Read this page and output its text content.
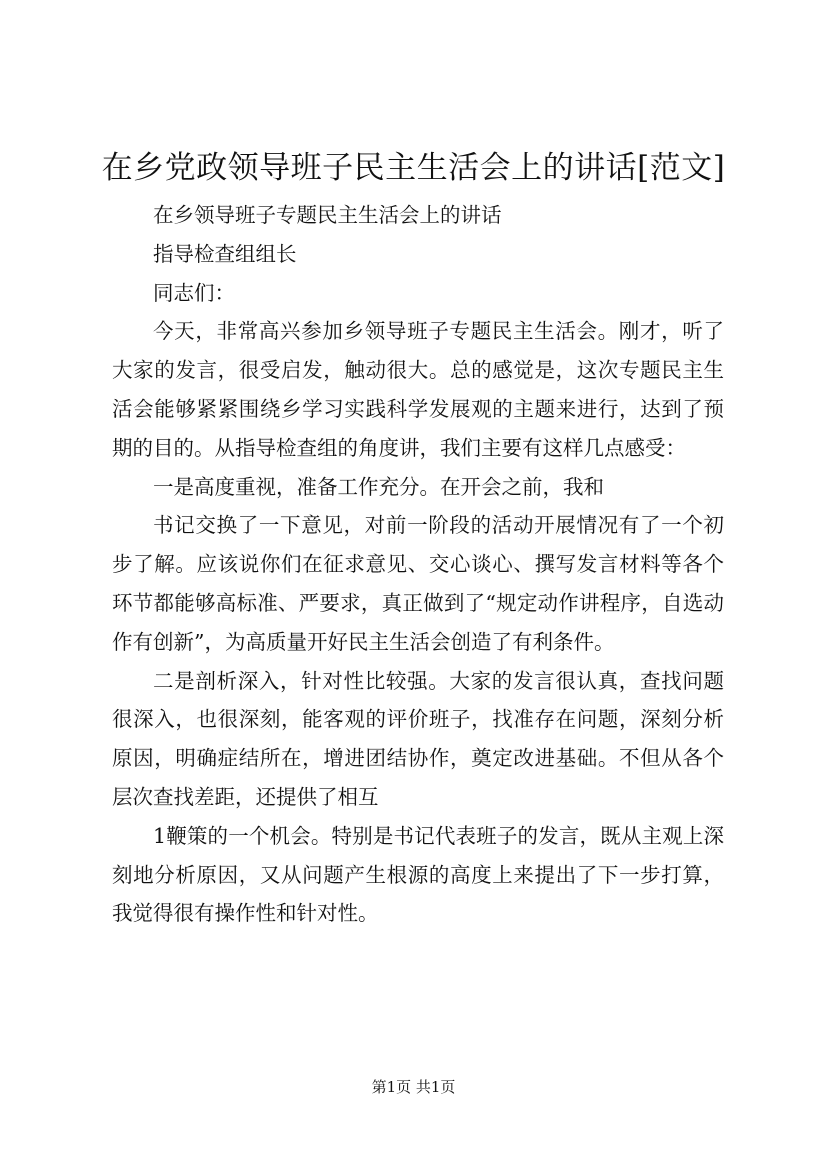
在乡党政领导班子民主生活会上的讲话[范文]

在乡领导班子专题民主生活会上的讲话

指导检查组组长

同志们：

今天，非常高兴参加乡领导班子专题民主生活会。刚才，听了大家的发言，很受启发，触动很大。总的感觉是，这次专题民主生活会能够紧紧围绕乡学习实践科学发展观的主题来进行，达到了预期的目的。从指导检查组的角度讲，我们主要有这样几点感受：

一是高度重视，准备工作充分。在开会之前，我和

书记交换了一下意见，对前一阶段的活动开展情况有了一个初步了解。应该说你们在征求意见、交心谈心、撰写发言材料等各个环节都能够高标准、严要求，真正做到了“规定动作讲程序，自选动作有创新”，为高质量开好民主生活会创造了有利条件。

二是剖析深入，针对性比较强。大家的发言很认真，查找问题很深入，也很深刻，能客观的评价班子，找准存在问题，深刻分析原因，明确症结所在，增进团结协作，奠定改进基础。不但从各个层次查找差距，还提供了相互

1鞭策的一个机会。特别是书记代表班子的发言，既从主观上深刻地分析原因，又从问题产生根源的高度上来提出了下一步打算，我觉得很有操作性和针对性。

第1页 共1页
